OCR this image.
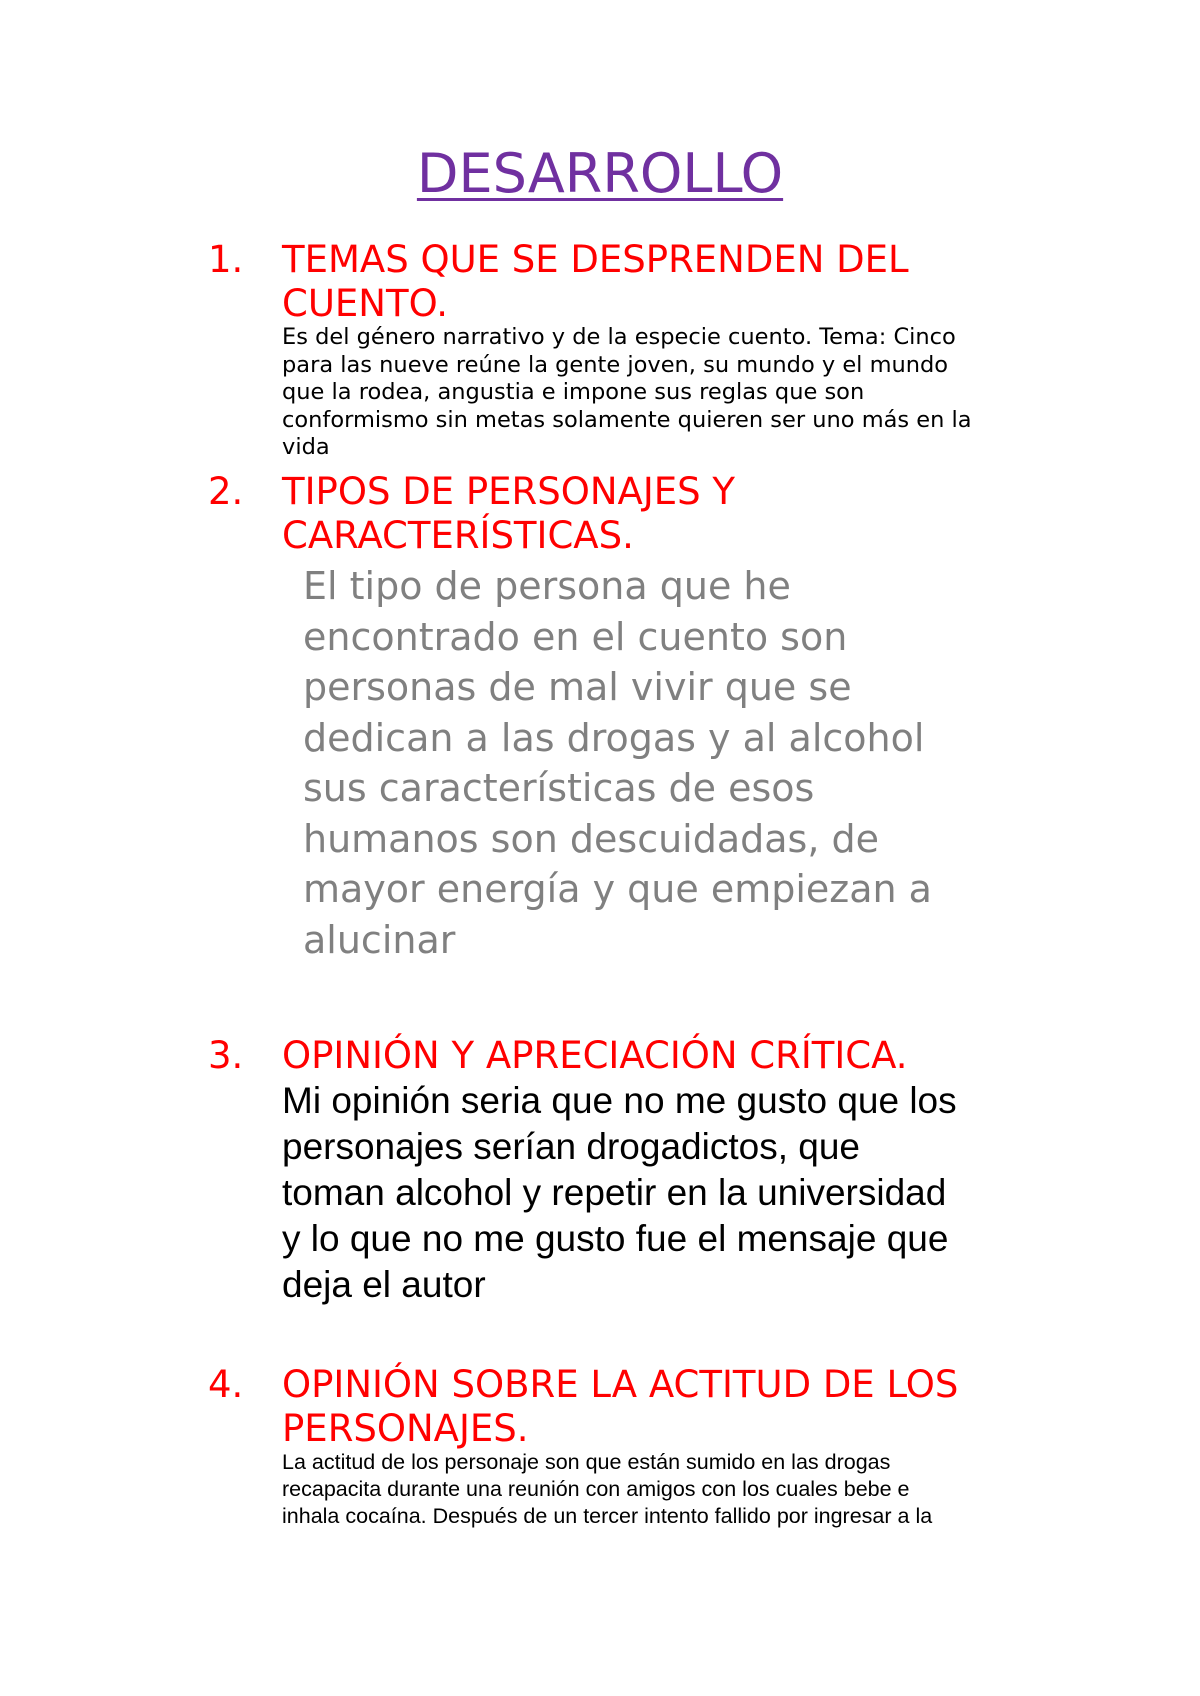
DESARROLLO
1. TEMAS QUE SE DESPRENDEN DEL
CUENTO.

Es del género narrativo y de la especie cuento. Tema: Cinco
para las nueve reúne la gente joven, su mundo y el mundo
que la rodea, angustia e impone sus reglas que son
conformismo sin metas solamente quieren ser uno más en la
vida

2. TIPOS DE PERSONAJES Y
CARACTERÍSTICAS.

El tipo de persona que he
encontrado en el cuento son
personas de mal vivir que se
dedican a las drogas y al alcohol
sus características de esos
humanos son descuidadas, de
mayor energía y que empiezan a
alucinar

3. OPINIÓN Y APRECIACIÓN CRÍTICA.

Mi opinión seria que no me gusto que los
personajes serían drogadictos, que
toman alcohol y repetir en la universidad
y lo que no me gusto fue el mensaje que
deja el autor

4. OPINIÓN SOBRE LA ACTITUD DE LOS
PERSONAJES.

La actitud de los personaje son que están sumido en las drogas
recapacita durante una reunión con amigos con los cuales bebe e
inhala cocaína. Después de un tercer intento fallido por ingresar a la
